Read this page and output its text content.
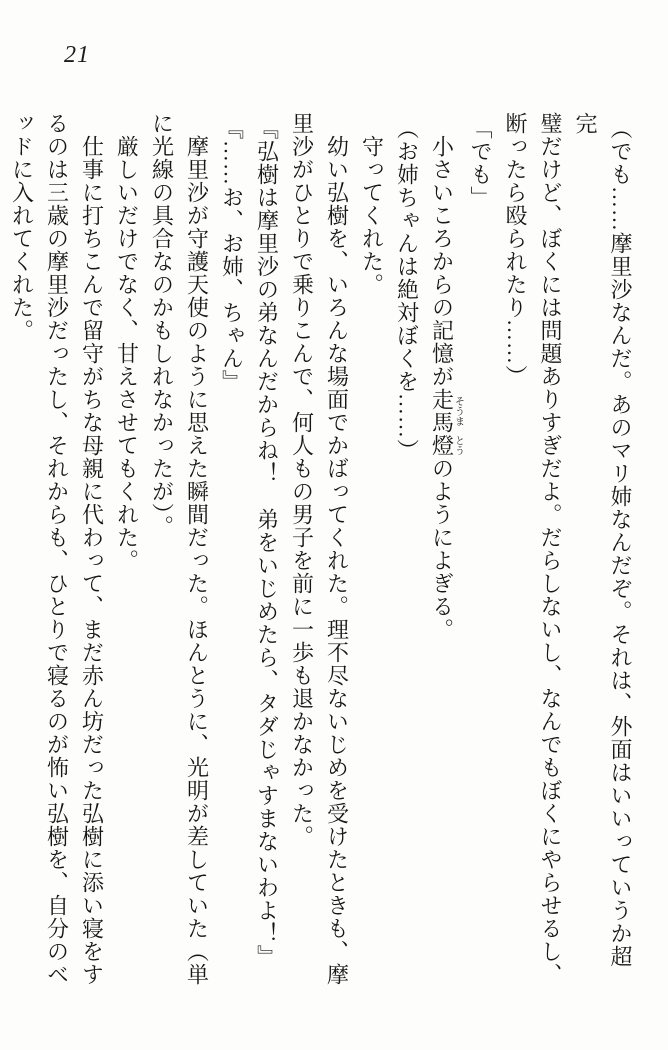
21

（でも……摩里沙なんだ。あのマリ姉なんだぞ。それは、外面はいいっていうか超完

璧だけど、ぼくには問題ありすぎだよ。だらしないし、なんでもぼくにやらせるし、

断ったら殴られたり……）

「でも」

小さいころからの記憶が走馬そうま燈とうのようによぎる。

（お姉ちゃんは絶対ぼくを……）

守ってくれた。

幼い弘樹を、いろんな場面でかばってくれた。理不尽ないじめを受けたときも、摩

里沙がひとりで乗りこんで、何人もの男子を前に一歩も退かなかった。

『弘樹は摩里沙の弟なんだからね！　弟をいじめたら、タダじゃすまないわよ！』

『……お、お姉、ちゃん』

摩里沙が守護天使のように思えた瞬間だった。ほんとうに、光明が差していた（単

に光線の具合なのかもしれなかったが）。

厳しいだけでなく、甘えさせてもくれた。

仕事に打ちこんで留守がちな母親に代わって、まだ赤ん坊だった弘樹に添い寝をす

るのは三歳の摩里沙だったし、それからも、ひとりで寝るのが怖い弘樹を、自分のベ

ッドに入れてくれた。
